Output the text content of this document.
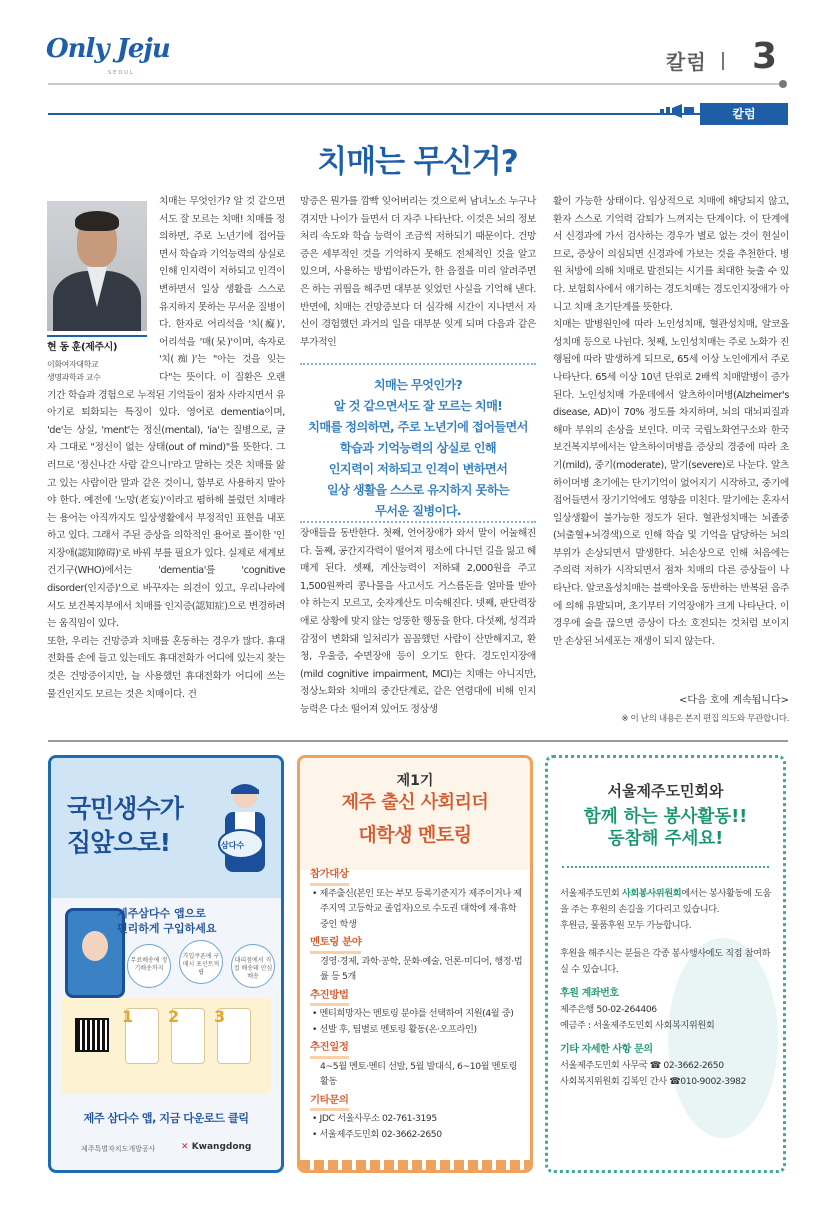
Only Jeju
SEOUL	칼럼 3
칼럼
치매는 무신거?
현 동 훈(제주시)
이화여자대학교
생명과학과 교수

치매는 무엇인가? 알 것 같으면서도 잘 모르는 치매! 치매를 정의하면, 주로 노년기에 접어들면서 학습과 기억능력의 상실로 인해 인지력이 저하되고 인격이 변하면서 일상 생활을 스스로 유지하지 못하는 무서운 질병이다. 한자로 어리석을 '치(癡)', 어리석을 '매(呆)'이며, 속자로 '치(痴)'는 "아는 것을 잊는다"는 뜻이다. 이 질환은 오랜 기간 학습과 경험으로 누적된 기억들이 점차 사라지면서 유아기로 퇴화되는 특징이 있다. 영어로 dementia이며, 'de'는 상실, 'ment'는 정신(mental), 'ia'는 질병으로, 글자 그대로 "정신이 없는 상태(out of mind)"를 뜻한다. 그러므로 '정신나간 사람 같으니!'라고 말하는 것은 치매를 앓고 있는 사람이란 말과 같은 것이니, 함부로 사용하지 말아야 한다. 예전에 '노망(老妄)'이라고 폄하해 불렀던 치매라는 용어는 아직까지도 일상생활에서 부정적인 표현을 내포하고 있다. 그래서 주된 증상을 의학적인 용어로 풀이한 '인지장애(認知障碍)'로 바꿔 부를 필요가 있다. 실제로 세계보건기구(WHO)에서는 'dementia'를 'cognitive disorder(인지증)'으로 바꾸자는 의견이 있고, 우리나라에서도 보건복지부에서 치매를 인지증(認知症)으로 변경하려는 움직임이 있다.

또한, 우리는 건망증과 치매를 혼동하는 경우가 많다. 휴대전화를 손에 들고 있는데도 휴대전화가 어디에 있는지 찾는 것은 건망증이지만, 늘 사용했던 휴대전화가 어디에 쓰는 물건인지도 모르는 것은 치매이다. 건

망증은 뭔가를 깜빡 잊어버리는 것으로써 남녀노소 누구나 겪지만 나이가 들면서 더 자주 나타난다. 이것은 뇌의 정보처리 속도와 학습 능력이 조금씩 저하되기 때문이다. 건망증은 세부적인 것을 기억하지 못해도 전체적인 것을 알고 있으며, 사용하는 방법이라든가, 한 음절을 미리 알려주면은 하는 귀띔을 해주면 대부분 잊었던 사실을 기억해 낸다. 반면에, 치매는 건망증보다 더 심각해 시간이 지나면서 자신이 경험했던 과거의 일을 대부분 잊게 되며 다음과 같은 부가적인

치매는 무엇인가?
알 것 같으면서도 잘 모르는 치매!
치매를 정의하면, 주로 노년기에 접어들면서
학습과 기억능력의 상실로 인해
인지력이 저하되고 인격이 변하면서
일상 생활을 스스로 유지하지 못하는
무서운 질병이다.

장애들을 동반한다. 첫째, 언어장애가 와서 말이 어눌해진다. 둘째, 공간지각력이 떨어져 평소에 다니던 길을 잃고 헤매게 된다. 셋째, 계산능력이 저하돼 2,000원을 주고 1,500원짜리 콩나물을 사고서도 거스름돈을 얼마를 받아야 하는지 모르고, 숫자계산도 미숙해진다. 넷째, 판단력장애로 상황에 맞지 않는 엉뚱한 행동을 한다. 다섯째, 성격과 감정이 변화돼 일처리가 꼼꼼했던 사람이 산만해지고, 환청, 우울증, 수면장애 등이 오기도 한다. 경도인지장애(mild cognitive impairment, MCI)는 치매는 아니지만, 정상노화와 치매의 중간단계로, 같은 연령대에 비해 인지능력은 다소 떨어져 있어도 정상생

활이 가능한 상태이다. 임상적으로 치매에 해당되지 않고, 환자 스스로 기억력 감퇴가 느껴지는 단계이다. 이 단계에서 신경과에 가서 검사하는 경우가 별로 없는 것이 현실이므로, 증상이 의심되면 신경과에 가보는 것을 추천한다. 병원 처방에 의해 치매로 발전되는 시기를 최대한 늦출 수 있다. 보험회사에서 얘기하는 경도치매는 경도인지장애가 아니고 치매 초기단계를 뜻한다.

치매는 발병원인에 따라 노인성치매, 혈관성치매, 알코올성치매 등으로 나뉜다. 첫째, 노인성치매는 주로 노화가 진행됨에 따라 발생하게 되므로, 65세 이상 노인에게서 주로 나타난다. 65세 이상 10년 단위로 2배씩 치매발병이 증가된다. 노인성치매 가운데에서 알츠하이머병(Alzheimer's disease, AD)이 70% 정도를 차지하며, 뇌의 대뇌피질과 해마 부위의 손상을 보인다. 미국 국립노화연구소와 한국 보건복지부에서는 알츠하이머병을 증상의 경중에 따라 초기(mild), 중기(moderate), 말기(severe)로 나눈다. 알츠하이머병 초기에는 단기기억이 없어지기 시작하고, 중기에 접어들면서 장기기억에도 영향을 미친다. 말기에는 혼자서 일상생활이 불가능한 정도가 된다. 혈관성치매는 뇌졸중(뇌출혈+뇌경색)으로 인해 학습 및 기억을 담당하는 뇌의 부위가 손상되면서 발생한다. 뇌손상으로 인해 처음에는 주의력 저하가 시작되면서 점차 치매의 다른 증상들이 나타난다. 알코올성치매는 블랙아웃을 동반하는 반복된 음주에 의해 유발되며, 초기부터 기억장애가 크게 나타난다. 이 경우에 술을 끊으면 증상이 다소 호전되는 것처럼 보이지만 손상된 뇌세포는 재생이 되지 않는다.

<다음 호에 계속됩니다>
※ 이 난의 내용은 본지 편집 의도와 무관합니다.
국민생수가
집앞으로!	삼다수
제주삼다수 앱으로
편리하게 구입하세요
무료배송에 정기배송까지
가입쿠폰에 구매시 포인트적립
대리점에서 직접 배송돼 안심배송
1 2 3
제주 삼다수 앱, 지금 다운로드 클릭
제주특별자치도개발공사	✕ Kwangdong
제1기
제주 출신 사회리더
대학생 멘토링
참가대상
• 제주출신(본인 또는 부모 등록기준지가 제주이거나 제주지역 고등학교 졸업자)으로 수도권 대학에 재·휴학 중인 학생
멘토링 분야
경영·경제, 과학·공학, 문화·예술, 언론·미디어, 행정·법률 등 5개
추진방법
• 멘티희망자는 멘토링 분야를 선택하여 지원(4월 중)
• 선발 후, 팀별로 멘토링 활동(온·오프라인)
추진일정
4~5월 멘토·멘티 선발, 5월 발대식, 6~10월 멘토링 활동
기타문의
• JDC 서울사무소 02-761-3195
• 서울제주도민회 02-3662-2650
서울제주도민회와
함께 하는 봉사활동!!
동참해 주세요!
서울제주도민회 사회봉사위원회에서는 봉사활동에 도움을 주는 후원의 손길을 기다리고 있습니다.
후원금, 물품후원 모두 가능합니다.
후원을 해주시는 분들은 각종 봉사행사에도 직접 참여하실 수 있습니다.
후원 계좌번호
제주은행 50-02-264406
예금주 : 서울제주도민회 사회복지위원회
기타 자세한 사항 문의
서울제주도민회 사무국 ☎ 02-3662-2650
사회복지위원회 김복인 간사 ☎010-9002-3982
